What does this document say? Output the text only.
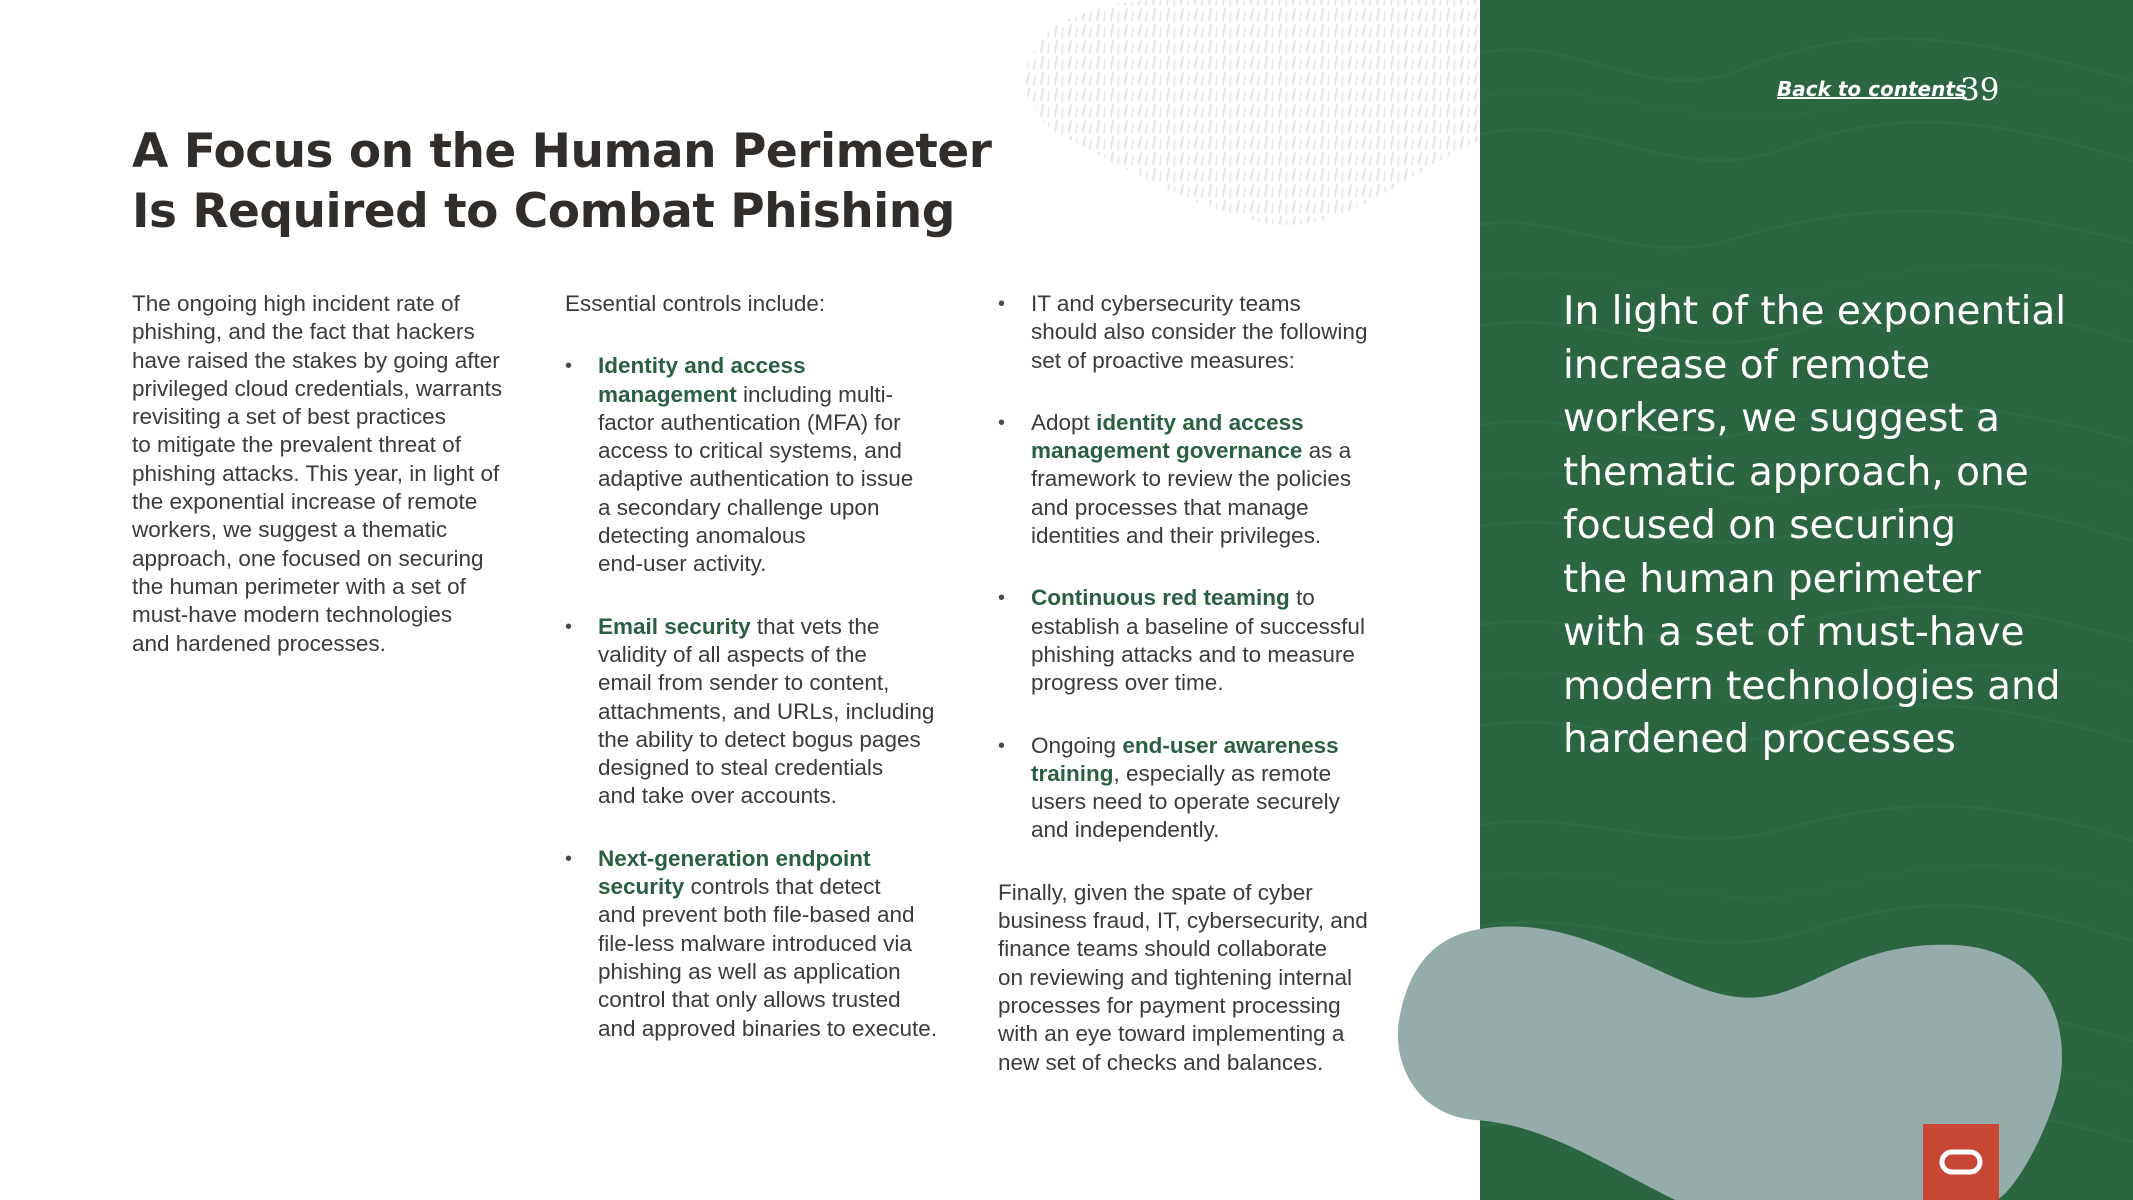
A Focus on the Human Perimeter
Is Required to Combat Phishing

The ongoing high incident rate of
phishing, and the fact that hackers
have raised the stakes by going after
privileged cloud credentials, warrants
revisiting a set of best practices
to mitigate the prevalent threat of
phishing attacks. This year, in light of
the exponential increase of remote
workers, we suggest a thematic
approach, one focused on securing
the human perimeter with a set of
must-have modern technologies
and hardened processes.

Essential controls include:

• Identity and access
management including multi-
factor authentication (MFA) for
access to critical systems, and
adaptive authentication to issue
a secondary challenge upon
detecting anomalous
end-user activity.
• Email security that vets the
validity of all aspects of the
email from sender to content,
attachments, and URLs, including
the ability to detect bogus pages
designed to steal credentials
and take over accounts.
• Next-generation endpoint
security controls that detect
and prevent both file-based and
file-less malware introduced via
phishing as well as application
control that only allows trusted
and approved binaries to execute.
• IT and cybersecurity teams
should also consider the following
set of proactive measures:
• Adopt identity and access
management governance as a
framework to review the policies
and processes that manage
identities and their privileges.
• Continuous red teaming to
establish a baseline of successful
phishing attacks and to measure
progress over time.
• Ongoing end-user awareness
training, especially as remote
users need to operate securely
and independently.

Finally, given the spate of cyber
business fraud, IT, cybersecurity, and
finance teams should collaborate
on reviewing and tightening internal
processes for payment processing
with an eye toward implementing a
new set of checks and balances.

Back to contents
39
In light of the exponential
increase of remote
workers, we suggest a
thematic approach, one
focused on securing
the human perimeter
with a set of must-have
modern technologies and
hardened processes
